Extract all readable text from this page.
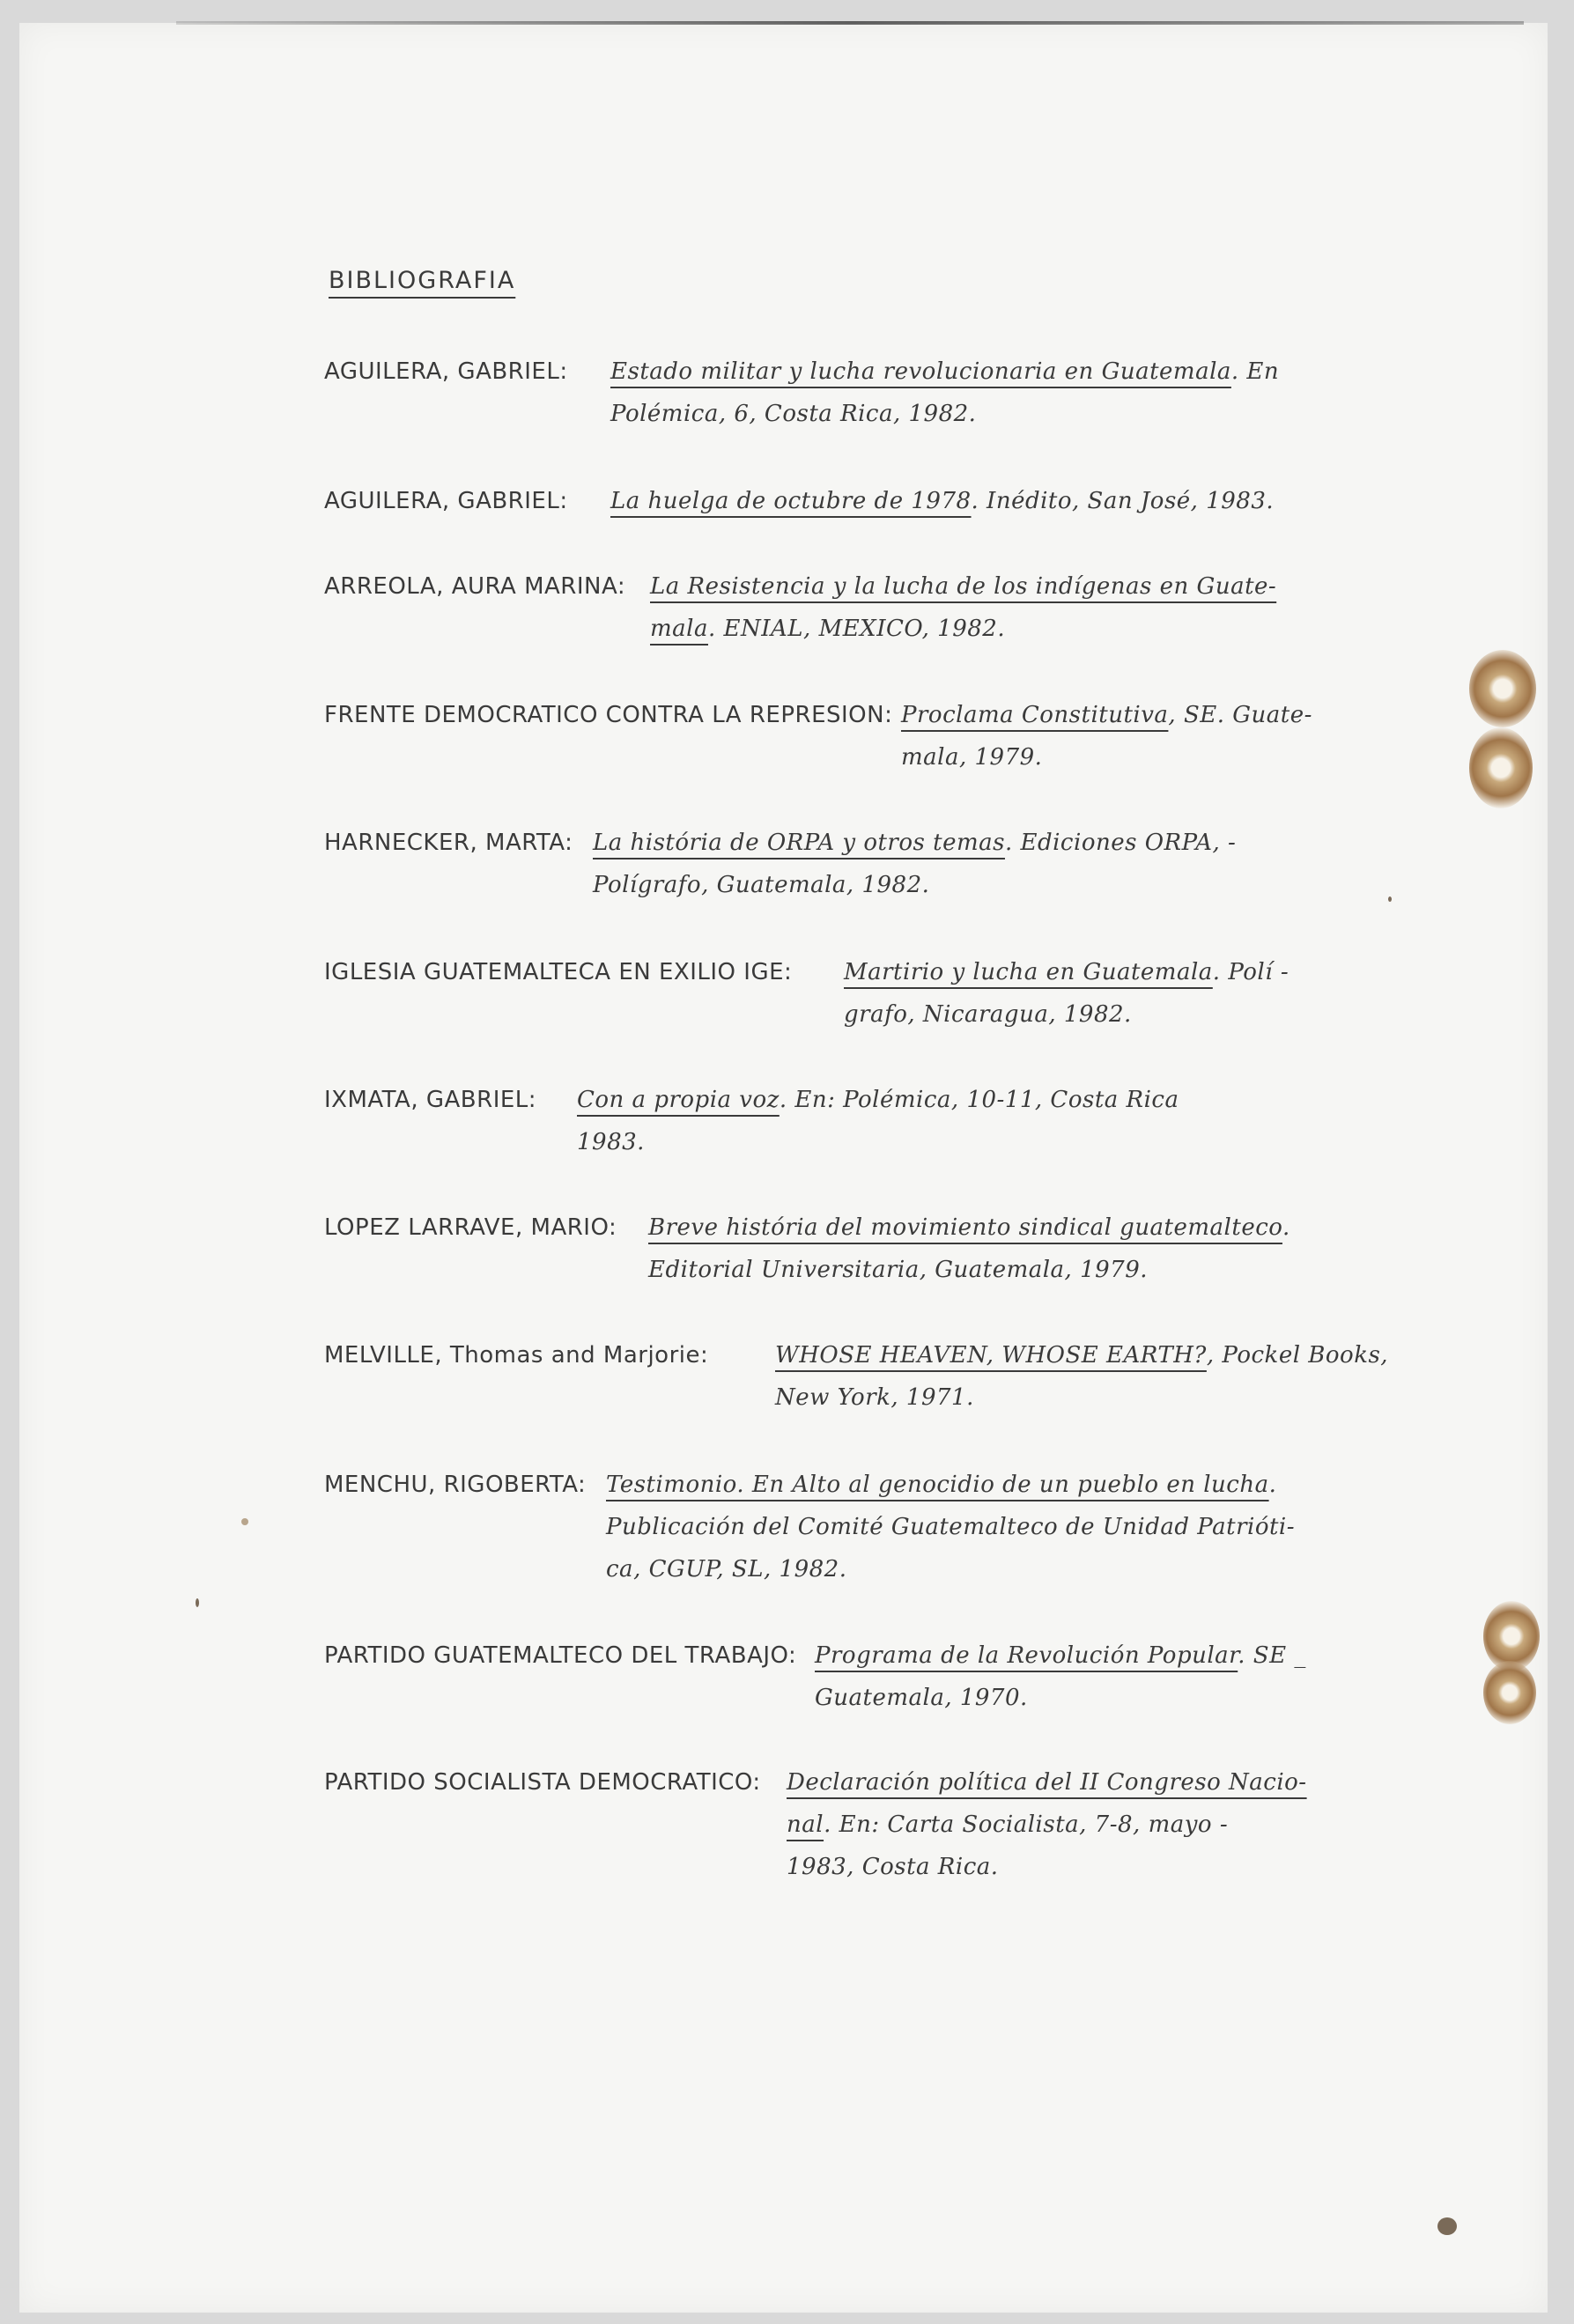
BIBLIOGRAFIA
AGUILERA, GABRIEL: Estado militar y lucha revolucionaria en Guatemala. En
Polémica, 6, Costa Rica, 1982.
AGUILERA, GABRIEL: La huelga de octubre de 1978. Inédito, San José, 1983.
ARREOLA, AURA MARINA: La Resistencia y la lucha de los indígenas en Guate-
mala. ENIAL, MEXICO, 1982.
FRENTE DEMOCRATICO CONTRA LA REPRESION: Proclama Constitutiva, SE. Guate-
mala, 1979.
HARNECKER, MARTA: La história de ORPA y otros temas. Ediciones ORPA, -
Polígrafo, Guatemala, 1982.
IGLESIA GUATEMALTECA EN EXILIO IGE: Martirio y lucha en Guatemala. Polí -
grafo, Nicaragua, 1982.
IXMATA, GABRIEL: Con a propia voz. En: Polémica, 10-11, Costa Rica
1983.
LOPEZ LARRAVE, MARIO: Breve história del movimiento sindical guatemalteco.
Editorial Universitaria, Guatemala, 1979.
MELVILLE, Thomas and Marjorie:	WHOSE HEAVEN, WHOSE EARTH?, Pockel Books,
New York, 1971.
MENCHU, RIGOBERTA: Testimonio. En Alto al genocidio de un pueblo en lucha.
Publicación del Comité Guatemalteco de Unidad Patrióti-
ca, CGUP, SL, 1982.
PARTIDO GUATEMALTECO DEL TRABAJO: Programa de la Revolución Popular. SE _
Guatemala, 1970.
PARTIDO SOCIALISTA DEMOCRATICO: Declaración política del II Congreso Nacio-
nal. En: Carta Socialista, 7-8, mayo -
1983, Costa Rica.
